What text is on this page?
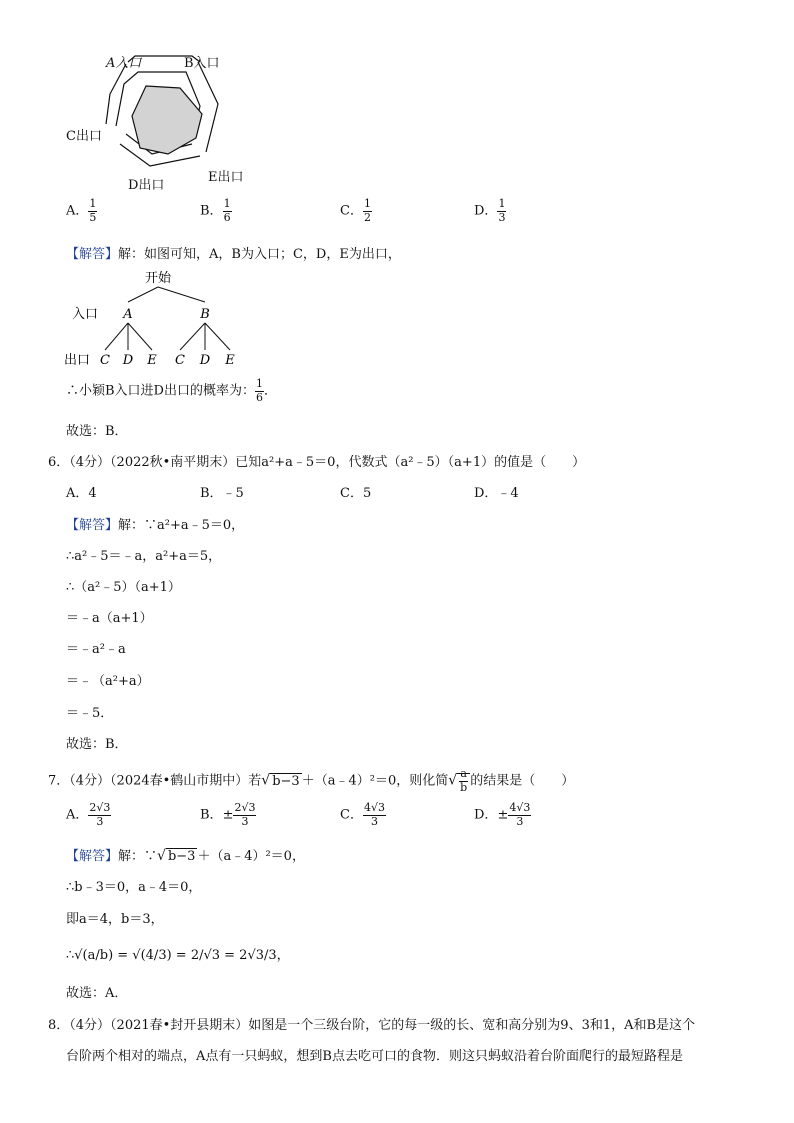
A入口	B入口
C出口
D出口
E出口
A． $\frac{1}{5}$	B． $\frac{1}{6}$	C． $\frac{1}{2}$	D． $\frac{1}{3}$
【解答】解：如图可知，A，B为入口；C，D，E为出口，
开始
入口 A	B
出口 C D E C D E
∴小颖B入口进D出口的概率为： $\frac{1}{6}$ ．
故选：B．
6．（4分）（2022秋•南平期末）已知a²+a﹣5＝0，代数式（a²﹣5）（a+1）的值是（　　）
A．4	B．﹣5	C．5	D．﹣4
【解答】解：∵a²+a﹣5＝0，
∴a²﹣5＝﹣a，a²+a＝5，
∴（a²﹣5）（a+1）
＝﹣a（a+1）
＝﹣a²﹣a
＝﹣（a²+a）
＝﹣5．
故选：B．
7．（4分）（2024春•鹤山市期中）若√ b−3 ＋（a﹣4）²＝0，则化简√ $\frac{a}{b}$ 的结果是（　　）
A． $\frac{2√3}{3}$	B．± $\frac{2√3}{3}$	C． $\frac{4√3}{3}$	D．± $\frac{4√3}{3}$
【解答】解：∵√ b−3 ＋（a﹣4）²＝0，
∴b﹣3＝0，a﹣4＝0，
即a＝4，b＝3，
∴√(a/b) = √(4/3) = 2/√3 = 2√3/3，
故选：A．
8．（4分）（2021春•封开县期末）如图是一个三级台阶，它的每一级的长、宽和高分别为9、3和1，A和B是这个
台阶两个相对的端点，A点有一只蚂蚁，想到B点去吃可口的食物．则这只蚂蚁沿着台阶面爬行的最短路程是
